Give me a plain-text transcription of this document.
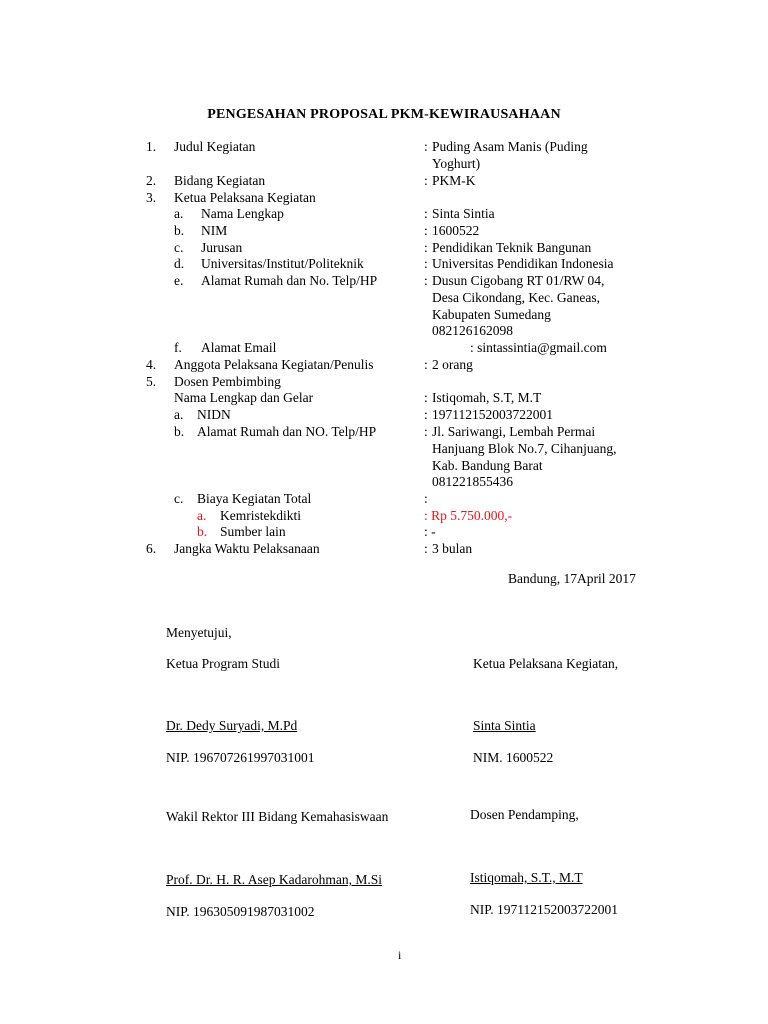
PENGESAHAN PROPOSAL PKM-KEWIRAUSAHAAN
1. Judul Kegiatan	: Puding Asam Manis (Puding
Yoghurt)
2. Bidang Kegiatan	: PKM-K
3. Ketua Pelaksana Kegiatan
a. Nama Lengkap	: Sinta Sintia
b. NIM	: 1600522
c. Jurusan	: Pendidikan Teknik Bangunan
d. Universitas/Institut/Politeknik	: Universitas Pendidikan Indonesia
e. Alamat Rumah dan No. Telp/HP	: Dusun Cigobang RT 01/RW 04,
Desa Cikondang, Kec. Ganeas,
Kabupaten Sumedang
082126162098
f. Alamat Email	: sintassintia@gmail.com
4. Anggota Pelaksana Kegiatan/Penulis	: 2 orang
5. Dosen Pembimbing
Nama Lengkap dan Gelar	: Istiqomah, S.T, M.T
a. NIDN	: 197112152003722001
b. Alamat Rumah dan NO. Telp/HP	: Jl. Sariwangi, Lembah Permai
Hanjuang Blok No.7, Cihanjuang,
Kab. Bandung Barat
081221855436
c. Biaya Kegiatan Total	:
a. Kemristekdikti	: Rp 5.750.000,-
b. Sumber lain	: -
6. Jangka Waktu Pelaksanaan	: 3 bulan
Bandung, 17April 2017
Menyetujui,
Ketua Program Studi	Ketua Pelaksana Kegiatan,
Dr. Dedy Suryadi, M.Pd	Sinta Sintia
NIP. 196707261997031001	NIM. 1600522
Wakil Rektor III Bidang Kemahasiswaan	Dosen Pendamping,
Prof. Dr. H. R. Asep Kadarohman, M.Si	Istiqomah, S.T., M.T
NIP. 196305091987031002	NIP. 197112152003722001
i
